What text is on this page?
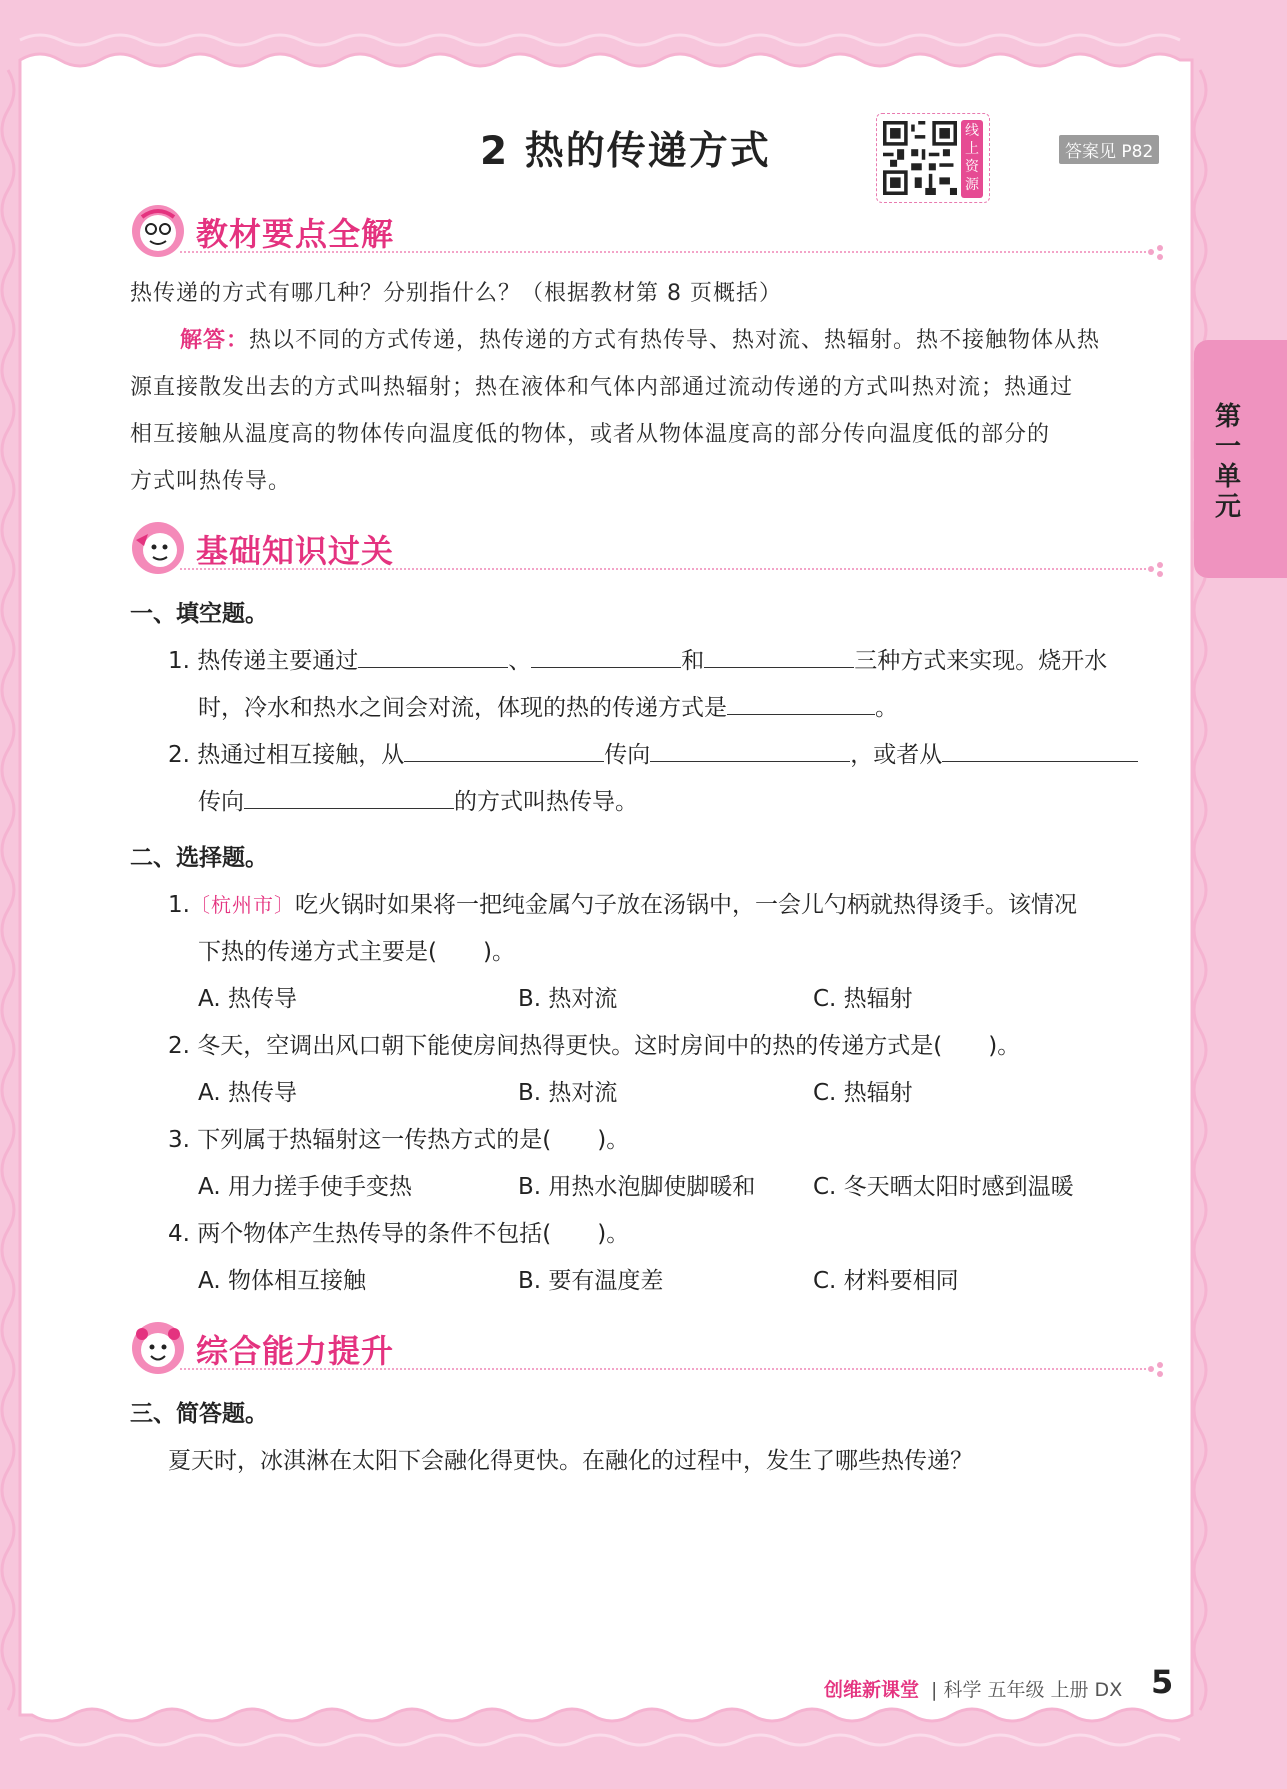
第一单元
2 热的传递方式	线上资源
答案见 P82
教材要点全解
热传递的方式有哪几种？分别指什么？（根据教材第 8 页概括）
解答：热以不同的方式传递，热传递的方式有热传导、热对流、热辐射。热不接触物体从热
源直接散发出去的方式叫热辐射；热在液体和气体内部通过流动传递的方式叫热对流；热通过
相互接触从温度高的物体传向温度低的物体，或者从物体温度高的部分传向温度低的部分的
方式叫热传导。
基础知识过关
一、填空题。
1. 热传递主要通过	、	和	三种方式来实现。烧开水
时，冷水和热水之间会对流，体现的热的传递方式是	。
2. 热通过相互接触，从	传向	，或者从
传向	的方式叫热传导。
二、选择题。
1.〔杭州市〕吃火锅时如果将一把纯金属勺子放在汤锅中，一会儿勺柄就热得烫手。该情况
下热的传递方式主要是(　　)。
A. 热传导	B. 热对流	C. 热辐射
2. 冬天，空调出风口朝下能使房间热得更快。这时房间中的热的传递方式是(　　)。
A. 热传导	B. 热对流	C. 热辐射
3. 下列属于热辐射这一传热方式的是(　　)。
A. 用力搓手使手变热	B. 用热水泡脚使脚暖和	C. 冬天晒太阳时感到温暖
4. 两个物体产生热传导的条件不包括(　　)。
A. 物体相互接触	B. 要有温度差	C. 材料要相同
综合能力提升
三、简答题。
夏天时，冰淇淋在太阳下会融化得更快。在融化的过程中，发生了哪些热传递？
创维新课堂 | 科学 五年级 上册 DX 5
